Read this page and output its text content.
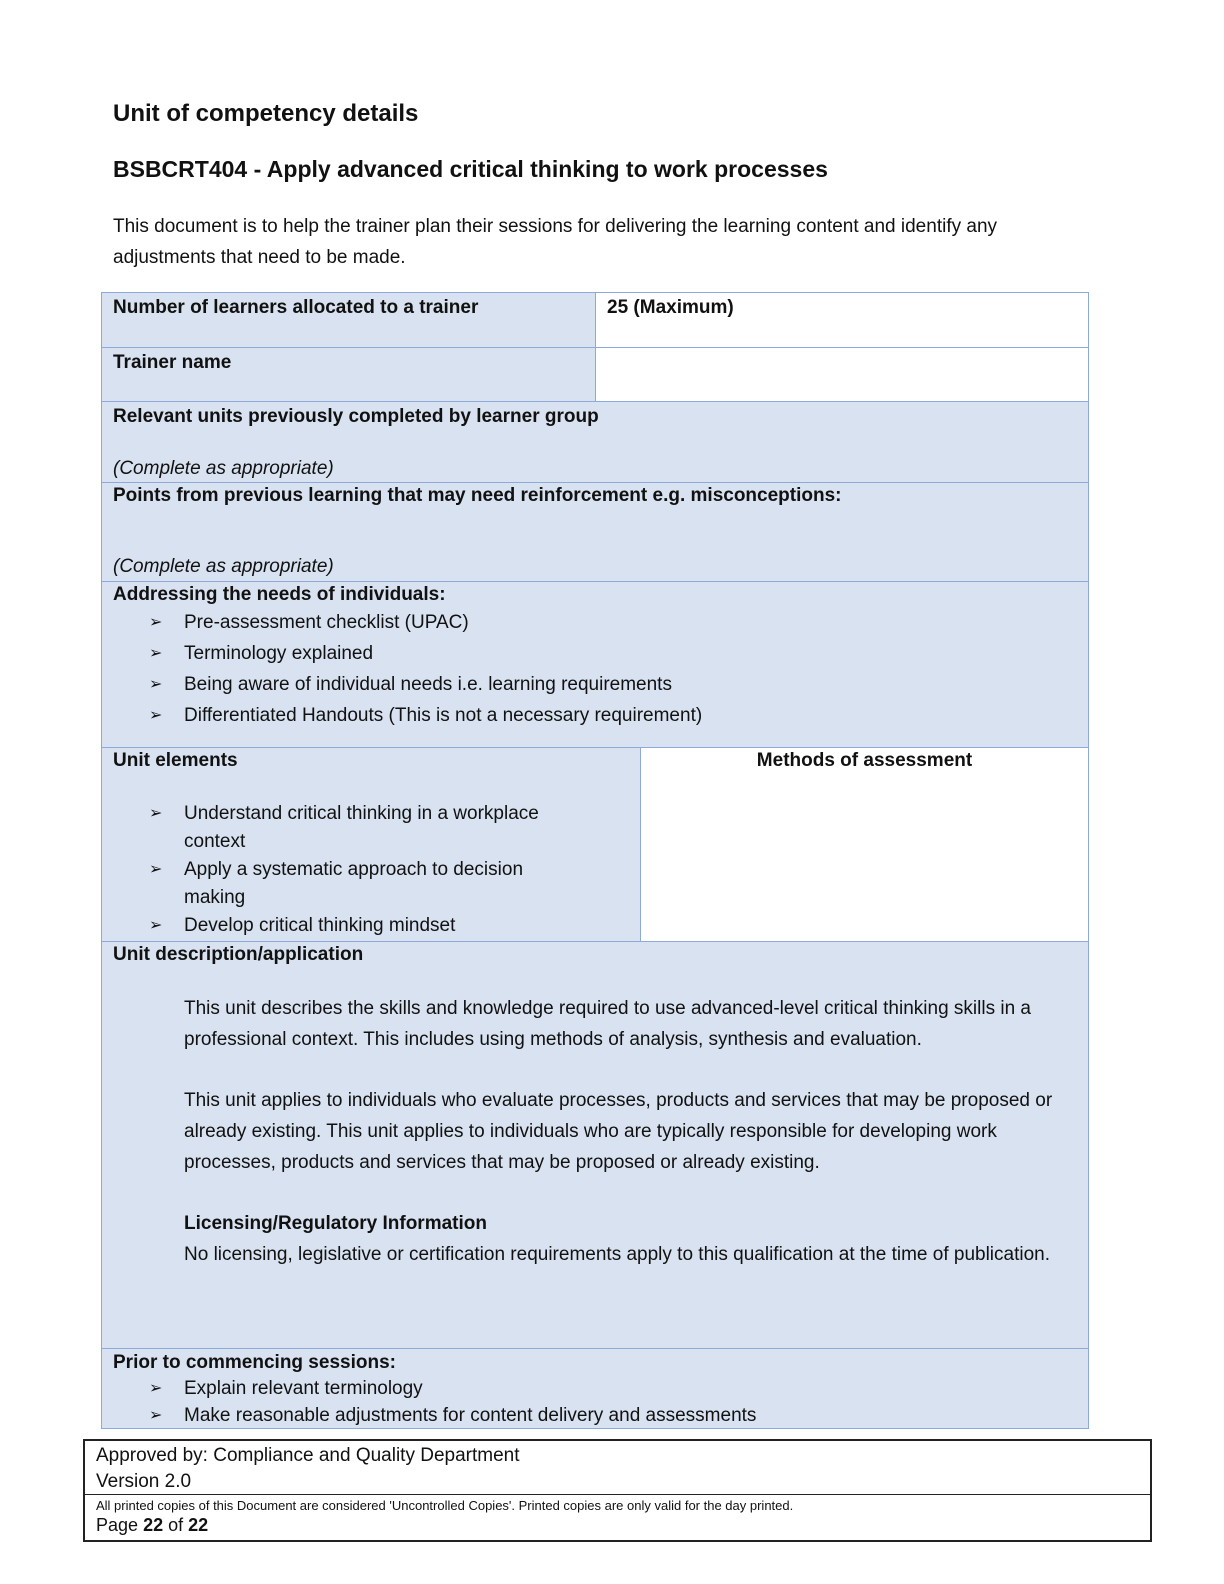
Unit of competency details
BSBCRT404 - Apply advanced critical thinking to work processes

This document is to help the trainer plan their sessions for delivering the learning content and identify any adjustments that need to be made.

Number of learners allocated to a trainer	25 (Maximum)
Trainer name
Relevant units previously completed by learner group
(Complete as appropriate)
Points from previous learning that may need reinforcement e.g. misconceptions:
(Complete as appropriate)
Addressing the needs of individuals:
➢ Pre-assessment checklist (UPAC)
➢ Terminology explained
➢ Being aware of individual needs i.e. learning requirements
➢ Differentiated Handouts (This is not a necessary requirement)
Unit elements
➢ Understand critical thinking in a workplace context
➢ Apply a systematic approach to decision making
➢ Develop critical thinking mindset
Methods of assessment
Unit description/application

This unit describes the skills and knowledge required to use advanced-level critical thinking skills in a professional context. This includes using methods of analysis, synthesis and evaluation.

This unit applies to individuals who evaluate processes, products and services that may be proposed or already existing. This unit applies to individuals who are typically responsible for developing work processes, products and services that may be proposed or already existing.

Licensing/Regulatory Information

No licensing, legislative or certification requirements apply to this qualification at the time of publication.

Prior to commencing sessions:
➢ Explain relevant terminology
➢ Make reasonable adjustments for content delivery and assessments
Approved by: Compliance and Quality Department
Version 2.0
All printed copies of this Document are considered 'Uncontrolled Copies'. Printed copies are only valid for the day printed.
Page 22 of 22
